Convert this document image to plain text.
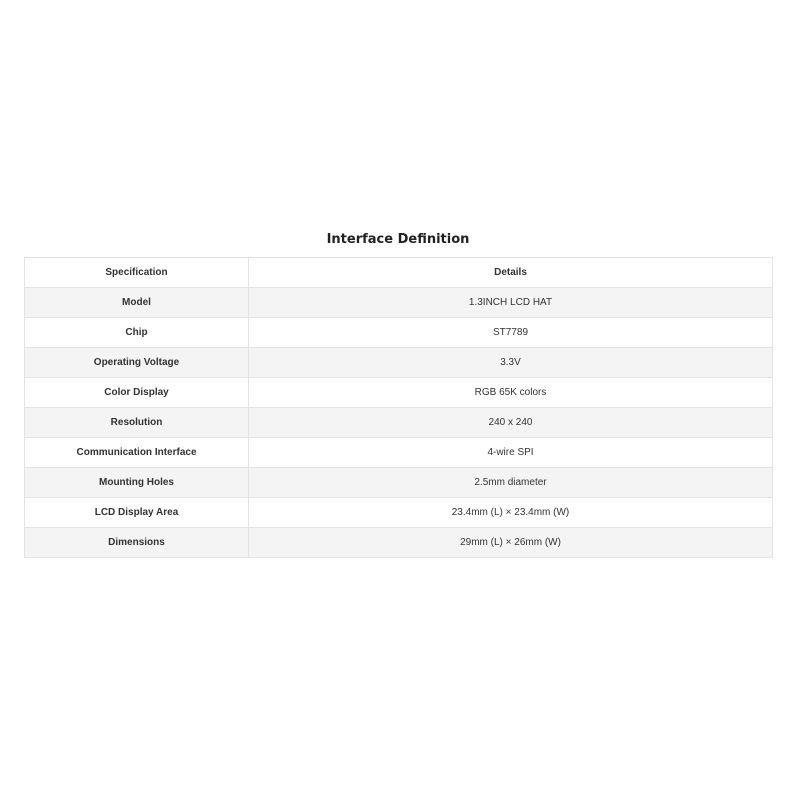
Interface Definition
Specification	Details
Model	1.3INCH LCD HAT
Chip	ST7789
Operating Voltage	3.3V
Color Display	RGB 65K colors
Resolution	240 x 240
Communication Interface	4-wire SPI
Mounting Holes	2.5mm diameter
LCD Display Area	23.4mm (L) × 23.4mm (W)
Dimensions	29mm (L) × 26mm (W)
